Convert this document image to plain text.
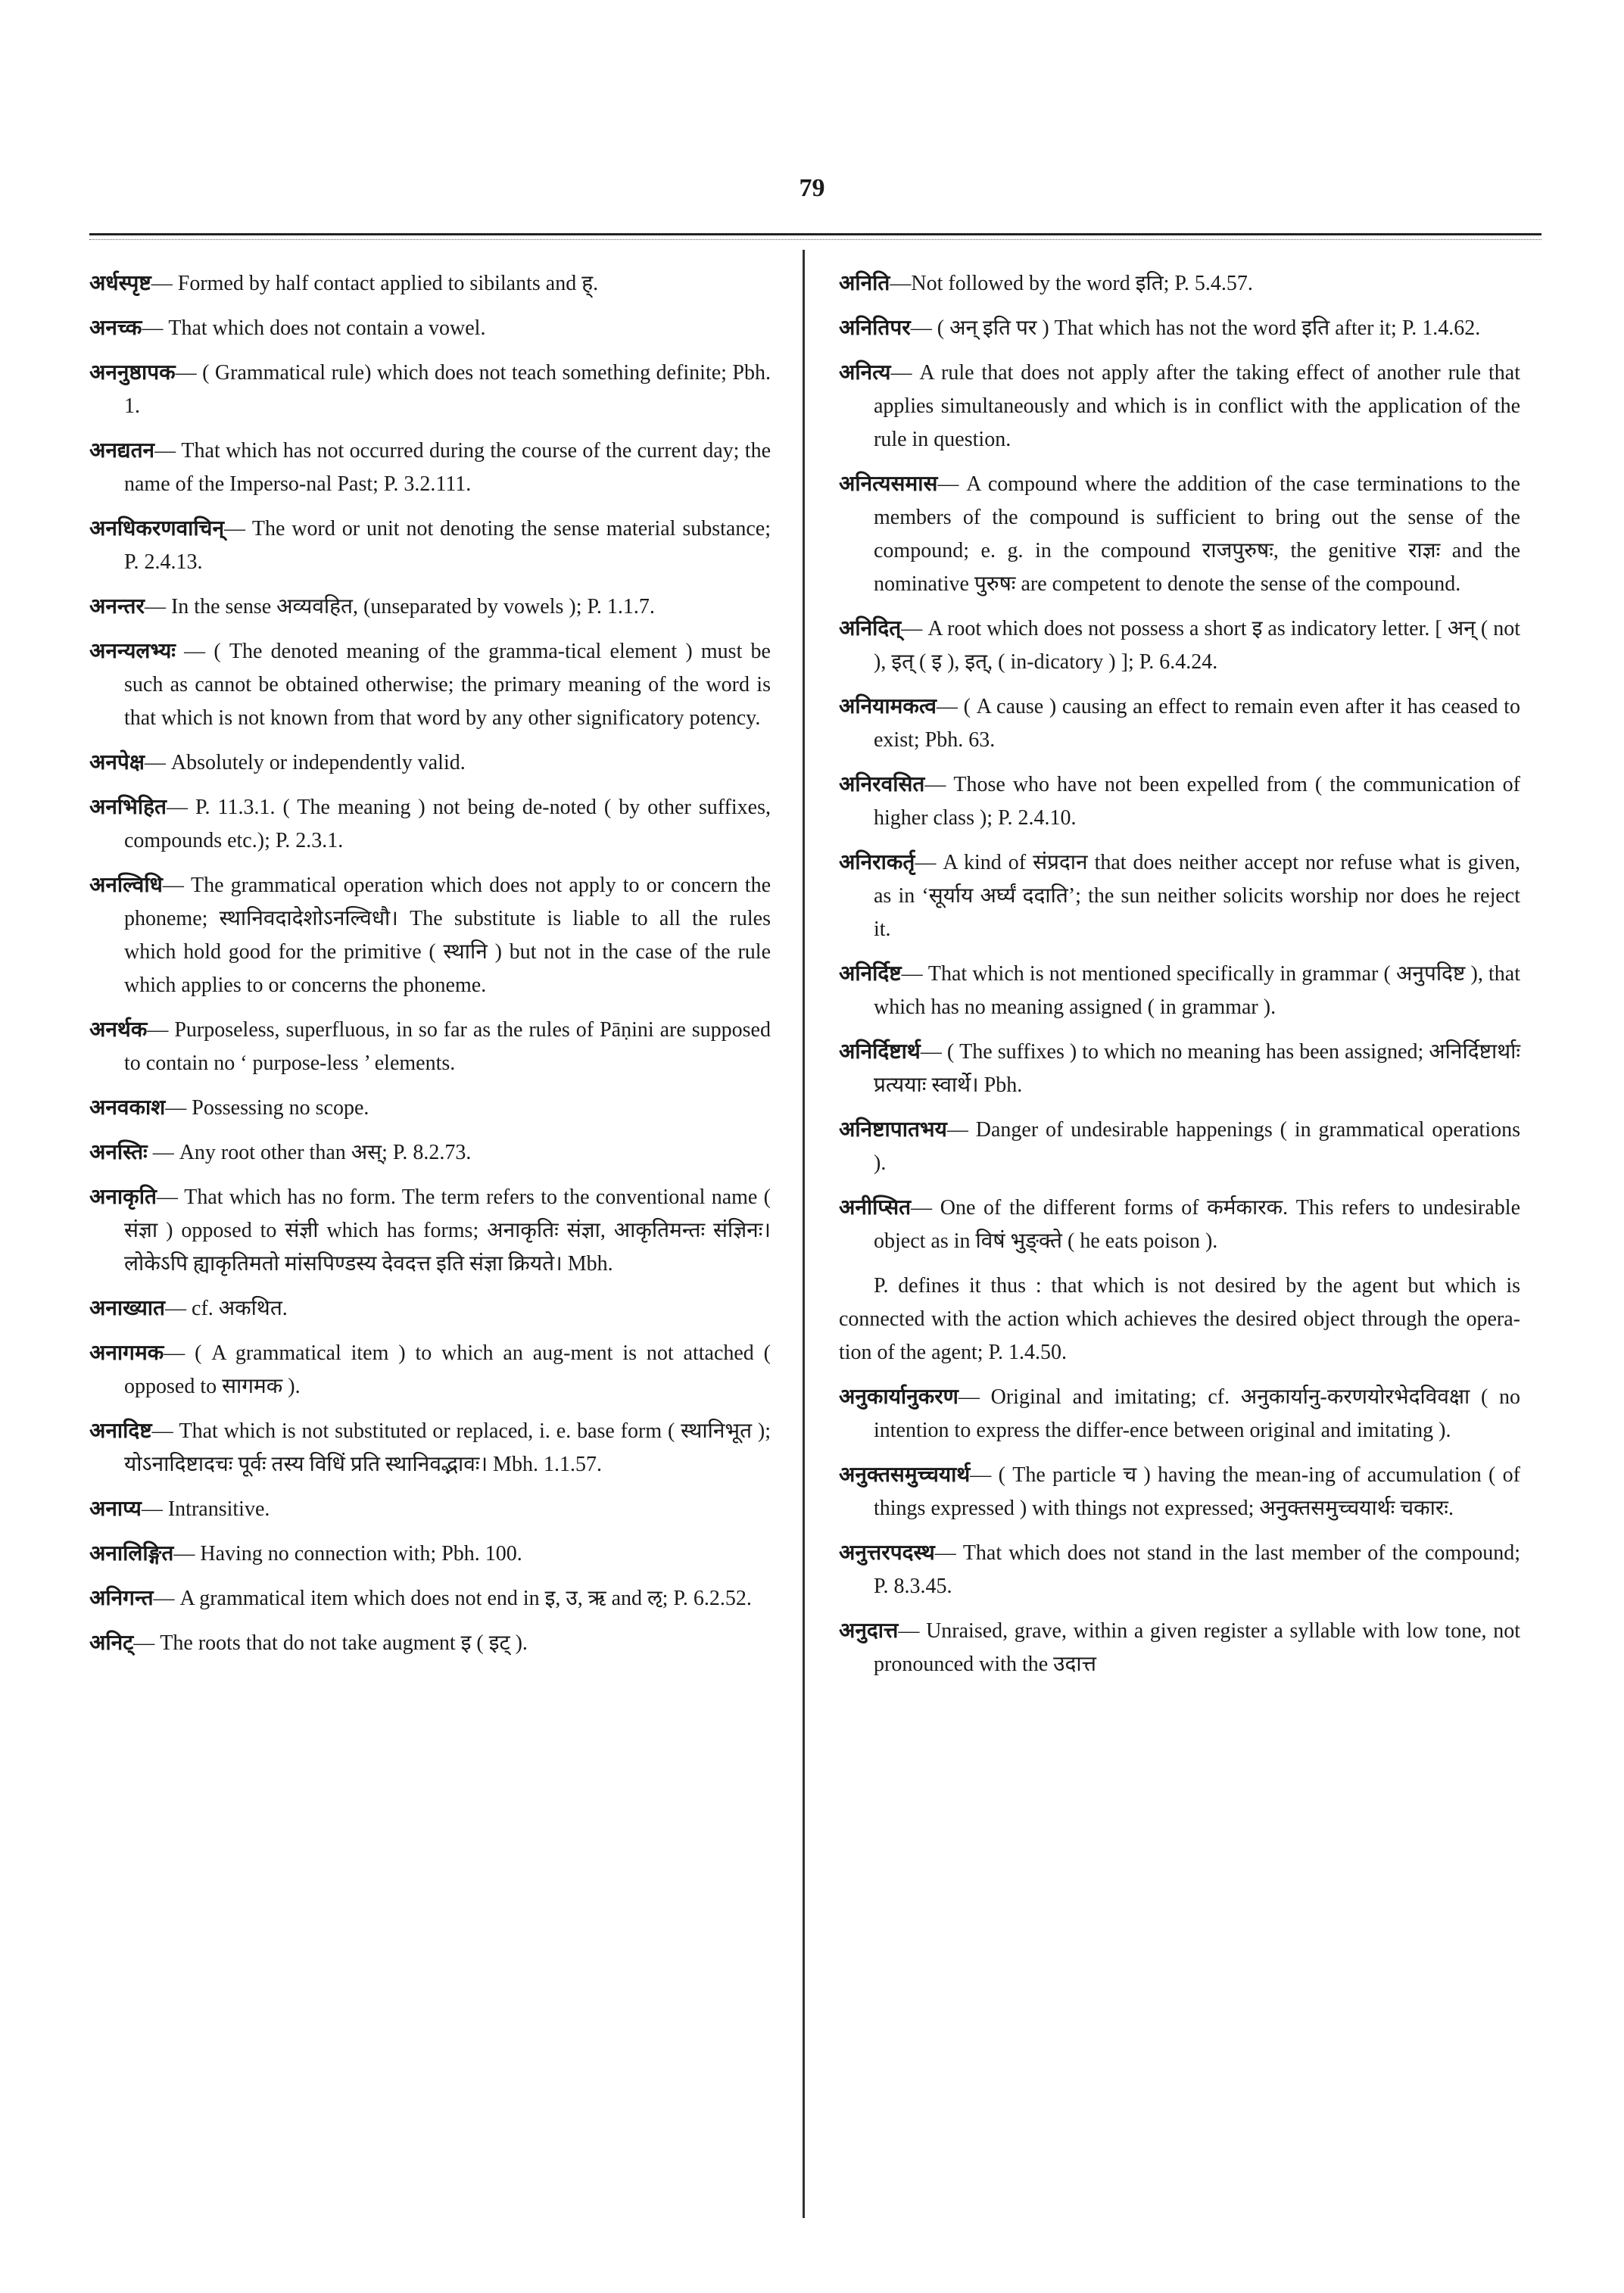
79

अर्धस्पृष्ट— Formed by half contact applied to sibilants and ह्.

अनच्क— That which does not contain a vowel.

अननुष्ठापक— ( Grammatical rule) which does not teach something definite; Pbh. 1.

अनद्यतन— That which has not occurred during the course of the current day; the name of the Imperso-nal Past; P. 3.2.111.

अनधिकरणवाचिन्— The word or unit not denoting the sense material substance; P. 2.4.13.

अनन्तर— In the sense अव्यवहित, (unseparated by vowels ); P. 1.1.7.

अनन्यलभ्यः — ( The denoted meaning of the gramma-tical element ) must be such as cannot be obtained otherwise; the primary meaning of the word is that which is not known from that word by any other significatory potency.

अनपेक्ष— Absolutely or independently valid.

अनभिहित— P. 11.3.1. ( The meaning ) not being de-noted ( by other suffixes, compounds etc.); P. 2.3.1.

अनल्विधि— The grammatical operation which does not apply to or concern the phoneme; स्थानिवदादेशोऽनल्विधौ। The substitute is liable to all the rules which hold good for the primitive ( स्थानि ) but not in the case of the rule which applies to or concerns the phoneme.

अनर्थक— Purposeless, superfluous, in so far as the rules of Pāṇini are supposed to contain no ‘ purpose-less ’ elements.

अनवकाश— Possessing no scope.

अनस्तिः — Any root other than अस्; P. 8.2.73.

अनाकृति— That which has no form. The term refers to the conventional name ( संज्ञा ) opposed to संज्ञी which has forms; अनाकृतिः संज्ञा, आकृतिमन्तः संज्ञिनः। लोकेऽपि ह्याकृतिमतो मांसपिण्डस्य देवदत्त इति संज्ञा क्रियते। Mbh.

अनाख्यात— cf. अकथित.

अनागमक— ( A grammatical item ) to which an aug-ment is not attached ( opposed to सागमक ).

अनादिष्ट— That which is not substituted or replaced, i. e. base form ( स्थानिभूत ); योऽनादिष्टादचः पूर्वः तस्य विधिं प्रति स्थानिवद्भावः। Mbh. 1.1.57.

अनाप्य— Intransitive.

अनालिङ्गित— Having no connection with; Pbh. 100.

अनिगन्त— A grammatical item which does not end in इ, उ, ऋ and ऌ; P. 6.2.52.

अनिट्— The roots that do not take augment इ ( इट् ).

अनिति—Not followed by the word इति; P. 5.4.57.

अनितिपर— ( अन् इति पर ) That which has not the word इति after it; P. 1.4.62.

अनित्य— A rule that does not apply after the taking effect of another rule that applies simultaneously and which is in conflict with the application of the rule in question.

अनित्यसमास— A compound where the addition of the case terminations to the members of the compound is sufficient to bring out the sense of the compound; e. g. in the compound राजपुरुषः, the genitive राज्ञः and the nominative पुरुषः are competent to denote the sense of the compound.

अनिदित्— A root which does not possess a short इ as indicatory letter. [ अन् ( not ), इत् ( इ ), इत्, ( in-dicatory ) ]; P. 6.4.24.

अनियामकत्व— ( A cause ) causing an effect to remain even after it has ceased to exist; Pbh. 63.

अनिरवसित— Those who have not been expelled from ( the communication of higher class ); P. 2.4.10.

अनिराकर्तृ— A kind of संप्रदान that does neither accept nor refuse what is given, as in ‘सूर्याय अर्घ्यं ददाति’; the sun neither solicits worship nor does he reject it.

अनिर्दिष्ट— That which is not mentioned specifically in grammar ( अनुपदिष्ट ), that which has no meaning assigned ( in grammar ).

अनिर्दिष्टार्थ— ( The suffixes ) to which no meaning has been assigned; अनिर्दिष्टार्थाः प्रत्ययाः स्वार्थे। Pbh.

अनिष्टापातभय— Danger of undesirable happenings ( in grammatical operations ).

अनीप्सित— One of the different forms of कर्मकारक. This refers to undesirable object as in विषं भुङ्क्ते ( he eats poison ).

P. defines it thus : that which is not desired by the agent but which is connected with the action which achieves the desired object through the opera-tion of the agent; P. 1.4.50.

अनुकार्यानुकरण— Original and imitating; cf. अनुकार्यानु-करणयोरभेदविवक्षा ( no intention to express the differ-ence between original and imitating ).

अनुक्तसमुच्चयार्थ— ( The particle च ) having the mean-ing of accumulation ( of things expressed ) with things not expressed; अनुक्तसमुच्चयार्थः चकारः.

अनुत्तरपदस्थ— That which does not stand in the last member of the compound; P. 8.3.45.

अनुदात्त— Unraised, grave, within a given register a syllable with low tone, not pronounced with the उदात्त
